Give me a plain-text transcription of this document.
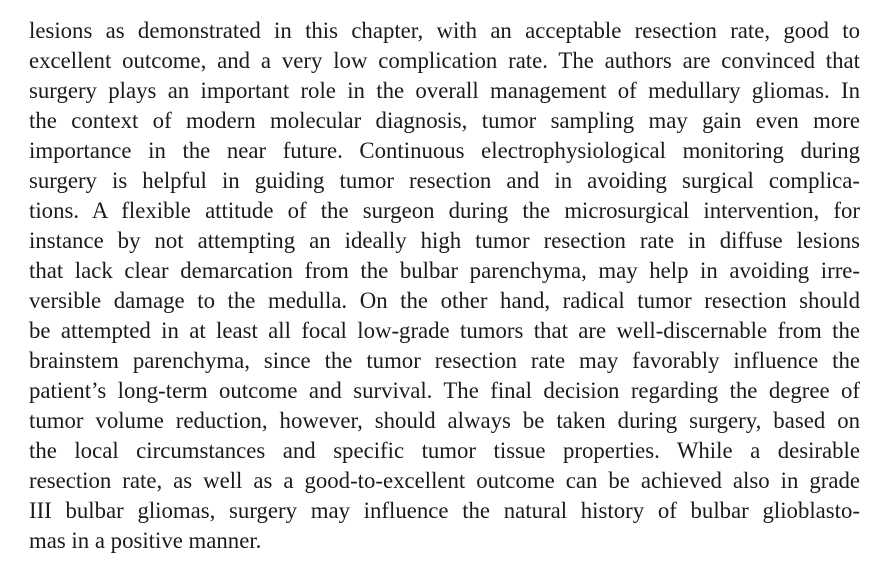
lesions as demonstrated in this chapter, with an acceptable resection rate, good to
excellent outcome, and a very low complication rate. The authors are convinced that
surgery plays an important role in the overall management of medullary gliomas. In
the context of modern molecular diagnosis, tumor sampling may gain even more
importance in the near future. Continuous electrophysiological monitoring during
surgery is helpful in guiding tumor resection and in avoiding surgical complica-
tions. A flexible attitude of the surgeon during the microsurgical intervention, for
instance by not attempting an ideally high tumor resection rate in diffuse lesions
that lack clear demarcation from the bulbar parenchyma, may help in avoiding irre-
versible damage to the medulla. On the other hand, radical tumor resection should
be attempted in at least all focal low-grade tumors that are well-discernable from the
brainstem parenchyma, since the tumor resection rate may favorably influence the
patient’s long-term outcome and survival. The final decision regarding the degree of
tumor volume reduction, however, should always be taken during surgery, based on
the local circumstances and specific tumor tissue properties. While a desirable
resection rate, as well as a good-to-excellent outcome can be achieved also in grade
III bulbar gliomas, surgery may influence the natural history of bulbar glioblasto-
mas in a positive manner.
